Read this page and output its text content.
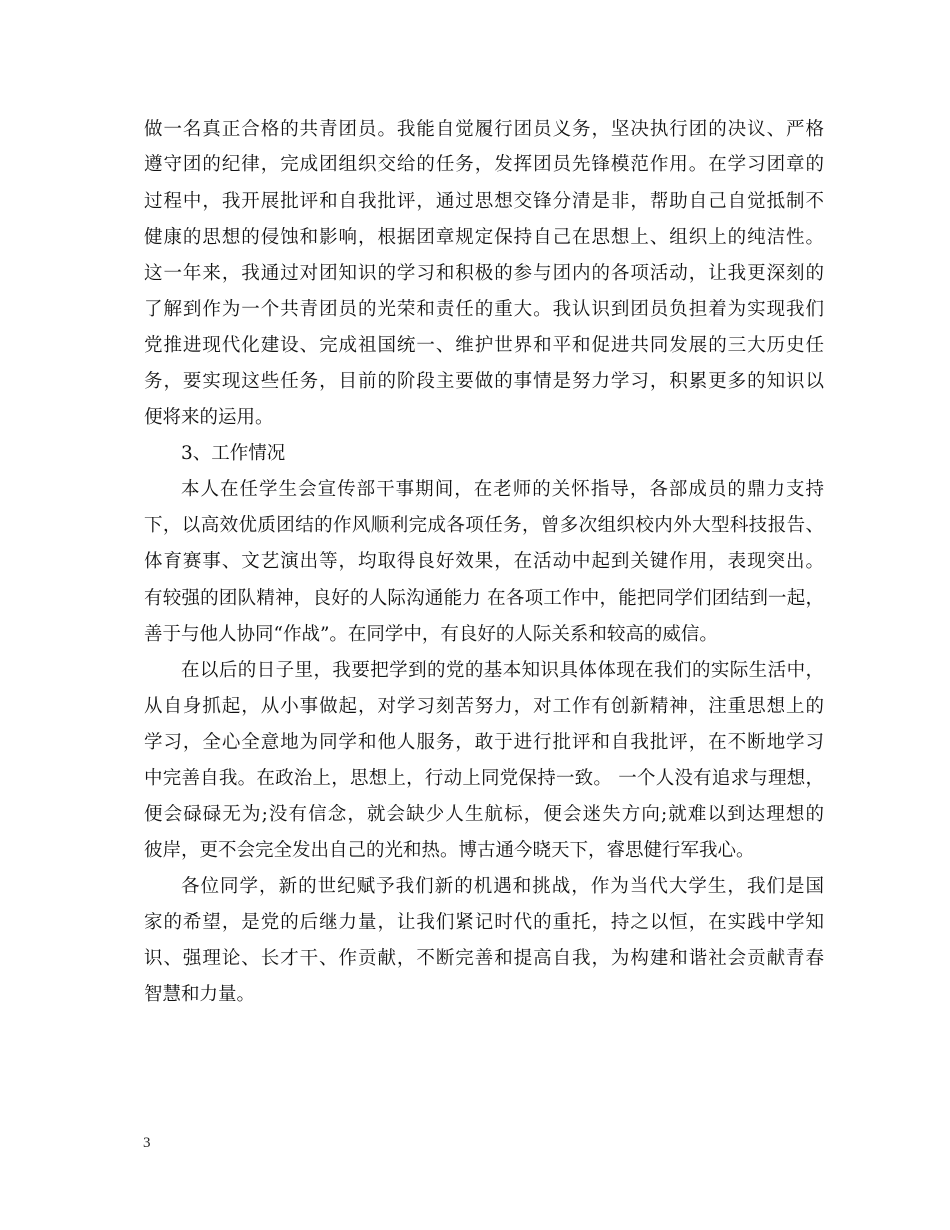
做一名真正合格的共青团员。我能自觉履行团员义务，坚决执行团的决议、严格
遵守团的纪律，完成团组织交给的任务，发挥团员先锋模范作用。在学习团章的
过程中，我开展批评和自我批评，通过思想交锋分清是非，帮助自己自觉抵制不
健康的思想的侵蚀和影响，根据团章规定保持自己在思想上、组织上的纯洁性。
这一年来，我通过对团知识的学习和积极的参与团内的各项活动，让我更深刻的
了解到作为一个共青团员的光荣和责任的重大。我认识到团员负担着为实现我们
党推进现代化建设、完成祖国统一、维护世界和平和促进共同发展的三大历史任
务，要实现这些任务，目前的阶段主要做的事情是努力学习，积累更多的知识以
便将来的运用。
3、工作情况
本人在任学生会宣传部干事期间，在老师的关怀指导，各部成员的鼎力支持
下，以高效优质团结的作风顺利完成各项任务，曾多次组织校内外大型科技报告、
体育赛事、文艺演出等，均取得良好效果，在活动中起到关键作用，表现突出。
有较强的团队精神，良好的人际沟通能力 在各项工作中，能把同学们团结到一起，
善于与他人协同“作战”。在同学中，有良好的人际关系和较高的威信。
在以后的日子里，我要把学到的党的基本知识具体体现在我们的实际生活中，
从自身抓起，从小事做起，对学习刻苦努力，对工作有创新精神，注重思想上的
学习，全心全意地为同学和他人服务，敢于进行批评和自我批评，在不断地学习
中完善自我。在政治上，思想上，行动上同党保持一致。 一个人没有追求与理想，
便会碌碌无为;没有信念，就会缺少人生航标，便会迷失方向;就难以到达理想的
彼岸，更不会完全发出自己的光和热。博古通今晓天下，睿思健行军我心。
各位同学，新的世纪赋予我们新的机遇和挑战，作为当代大学生，我们是国
家的希望，是党的后继力量，让我们紧记时代的重托，持之以恒，在实践中学知
识、强理论、长才干、作贡献，不断完善和提高自我，为构建和谐社会贡献青春
智慧和力量。
3
